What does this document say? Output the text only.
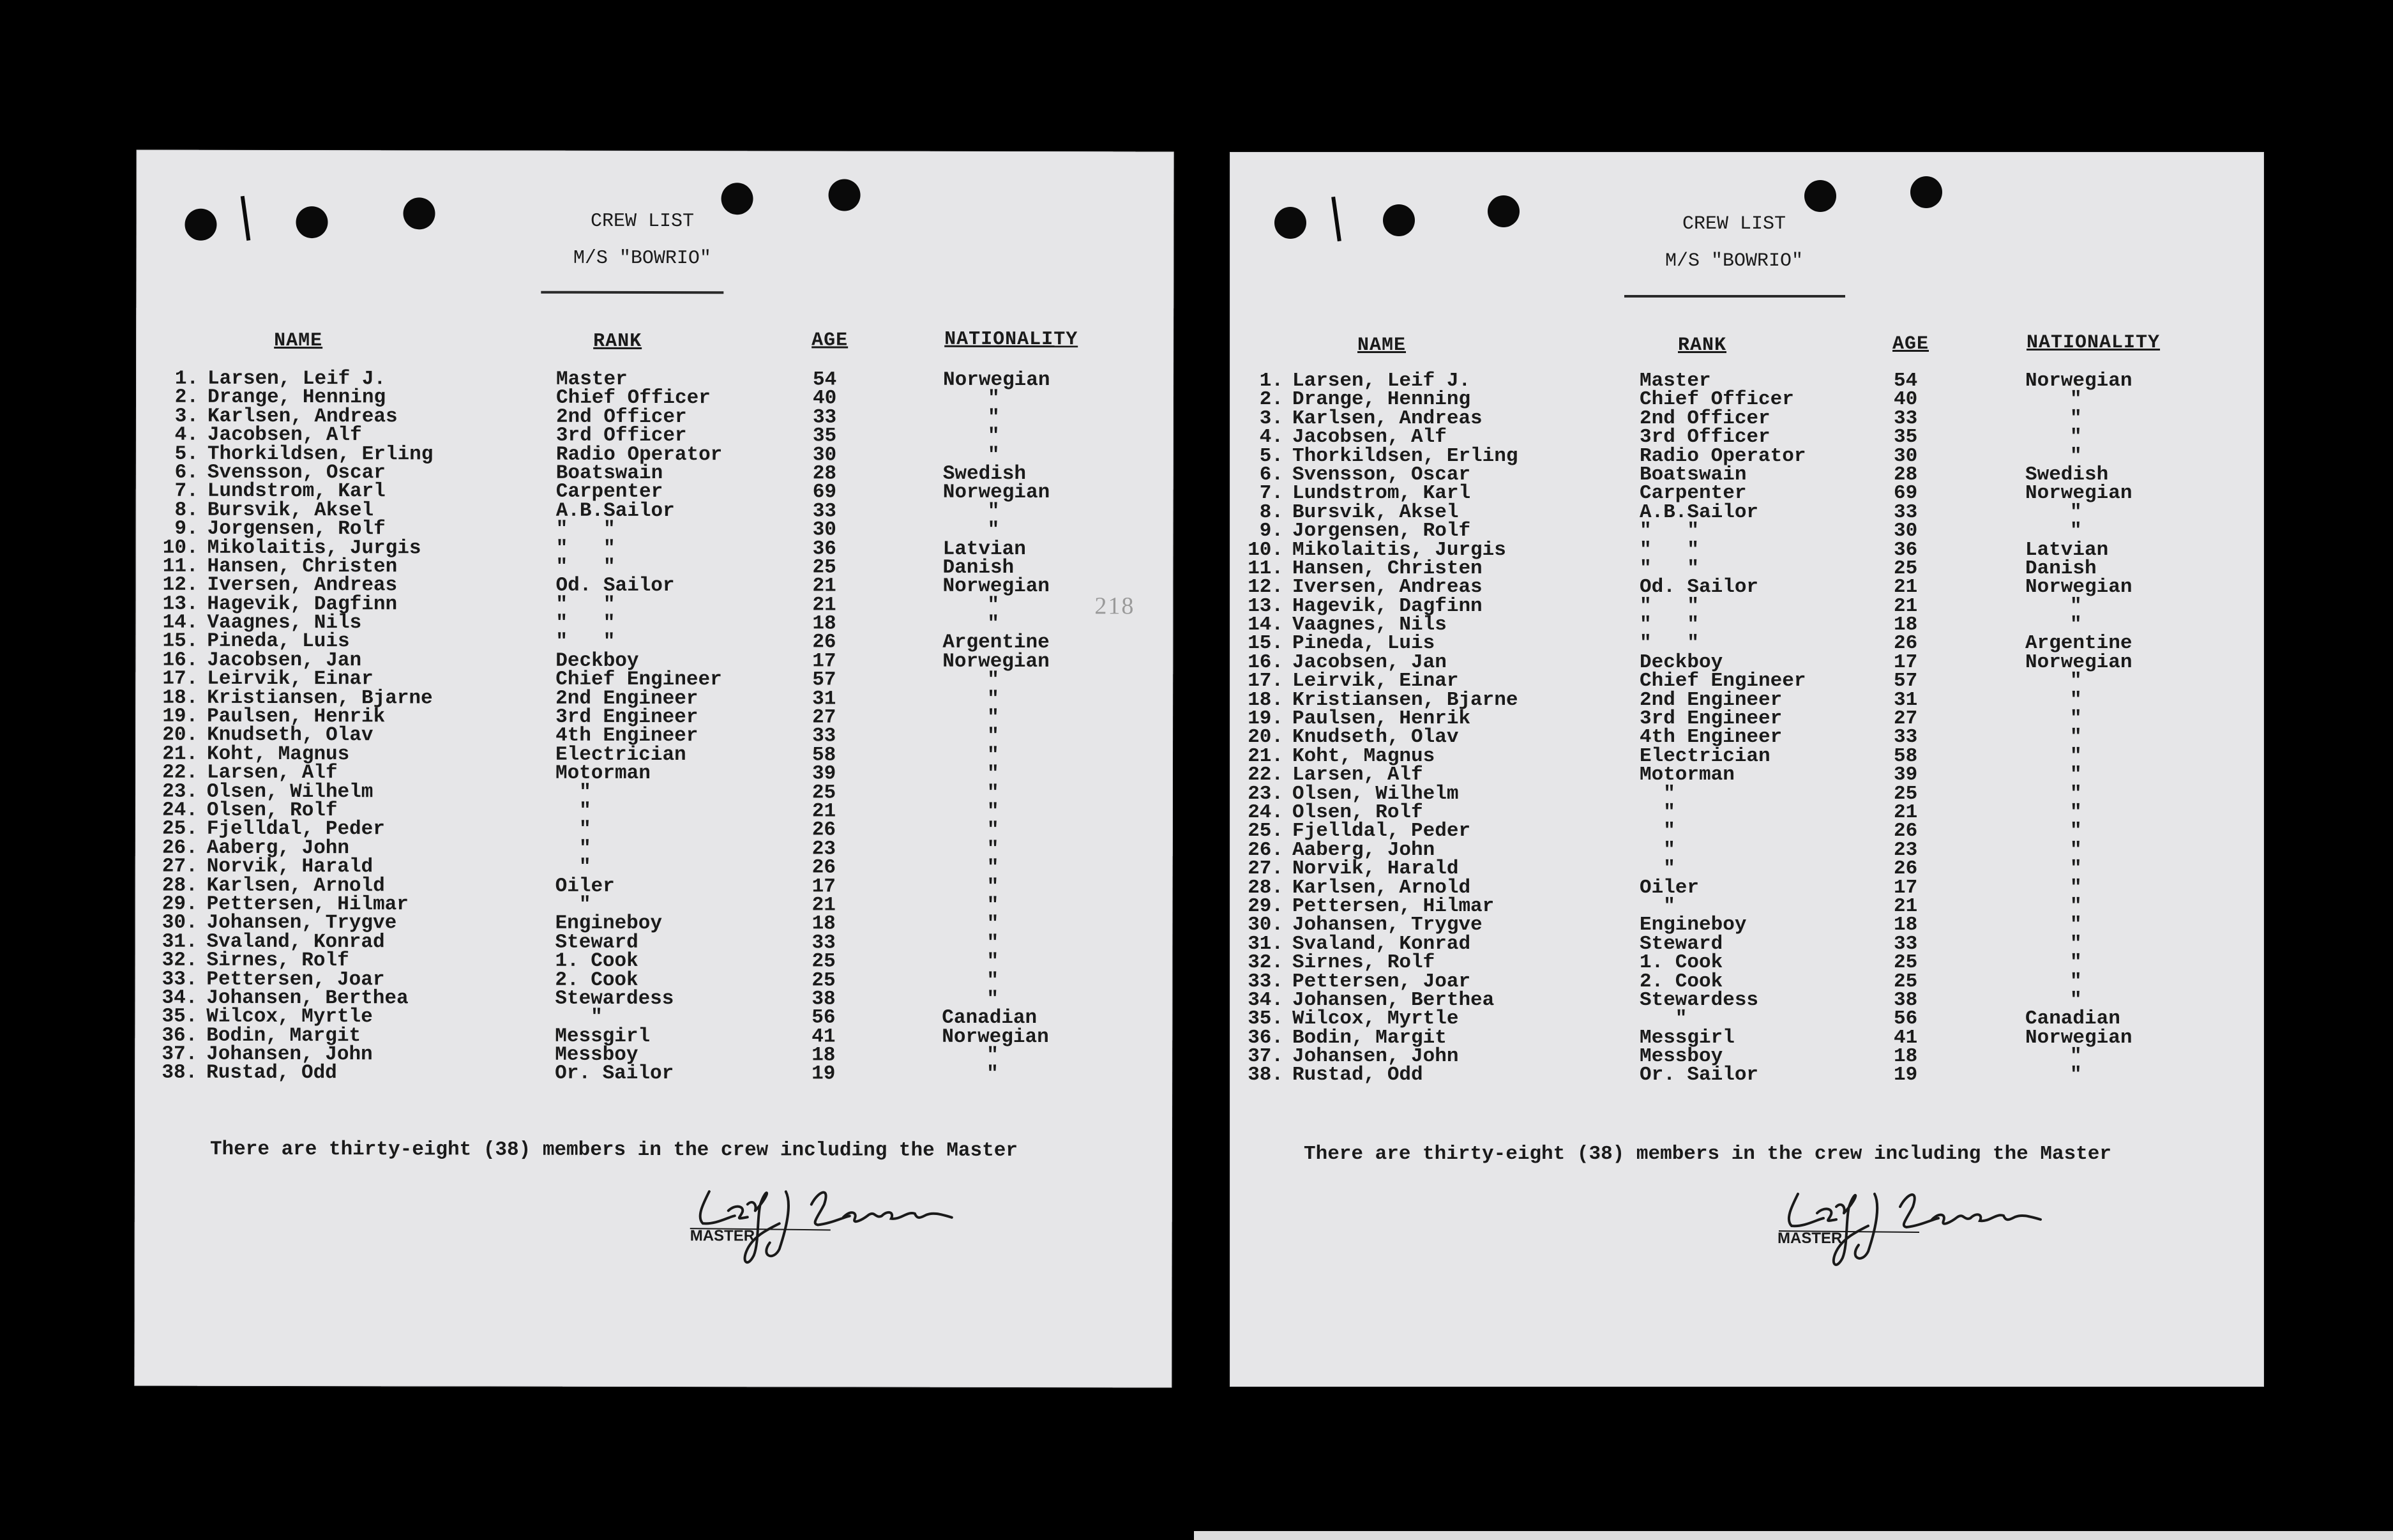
CREW LIST
M/S "BOWRIO"
NAME	RANK	AGE	NATIONALITY
1. Larsen, Leif J.	Master	54	Norwegian
2. Drange, Henning	Chief Officer	40	"
3. Karlsen, Andreas	2nd Officer	33	"
4. Jacobsen, Alf	3rd Officer	35	"
5. Thorkildsen, Erling	Radio Operator	30	"
6. Svensson, Oscar	Boatswain	28	Swedish
7. Lundstrom, Karl	Carpenter	69	Norwegian
8. Bursvik, Aksel	A.B.Sailor	33	"
9. Jorgensen, Rolf	"   "	30	"
10. Mikolaitis, Jurgis	"   "	36	Latvian
11. Hansen, Christen	"   "	25	Danish
12. Iversen, Andreas	Od. Sailor	21	Norwegian
13. Hagevik, Dagfinn	"   "	21	"
14. Vaagnes, Nils	"   "	18	"
15. Pineda, Luis	"   "	26	Argentine
16. Jacobsen, Jan	Deckboy	17	Norwegian
17. Leirvik, Einar	Chief Engineer	57	"
18. Kristiansen, Bjarne	2nd Engineer	31	"
19. Paulsen, Henrik	3rd Engineer	27	"
20. Knudseth, Olav	4th Engineer	33	"
21. Koht, Magnus	Electrician	58	"
22. Larsen, Alf	Motorman	39	"
23. Olsen, Wilhelm	"	25	"
24. Olsen, Rolf	"	21	"
25. Fjelldal, Peder	"	26	"
26. Aaberg, John	"	23	"
27. Norvik, Harald	"	26	"
28. Karlsen, Arnold	Oiler	17	"
29. Pettersen, Hilmar	"	21	"
30. Johansen, Trygve	Engineboy	18	"
31. Svaland, Konrad	Steward	33	"
32. Sirnes, Rolf	1. Cook	25	"
33. Pettersen, Joar	2. Cook	25	"
34. Johansen, Berthea	Stewardess	38	"
35. Wilcox, Myrtle	"	56	Canadian
36. Bodin, Margit	Messgirl	41	Norwegian
37. Johansen, John	Messboy	18	"
38. Rustad, Odd	Or. Sailor	19	"
218
There are thirty-eight (38) members in the crew including the Master
MASTER
CREW LIST
M/S "BOWRIO"
NAME	RANK	AGE	NATIONALITY
1. Larsen, Leif J.	Master	54	Norwegian
2. Drange, Henning	Chief Officer	40	"
3. Karlsen, Andreas	2nd Officer	33	"
4. Jacobsen, Alf	3rd Officer	35	"
5. Thorkildsen, Erling	Radio Operator	30	"
6. Svensson, Oscar	Boatswain	28	Swedish
7. Lundstrom, Karl	Carpenter	69	Norwegian
8. Bursvik, Aksel	A.B.Sailor	33	"
9. Jorgensen, Rolf	"   "	30	"
10. Mikolaitis, Jurgis	"   "	36	Latvian
11. Hansen, Christen	"   "	25	Danish
12. Iversen, Andreas	Od. Sailor	21	Norwegian
13. Hagevik, Dagfinn	"   "	21	"
14. Vaagnes, Nils	"   "	18	"
15. Pineda, Luis	"   "	26	Argentine
16. Jacobsen, Jan	Deckboy	17	Norwegian
17. Leirvik, Einar	Chief Engineer	57	"
18. Kristiansen, Bjarne	2nd Engineer	31	"
19. Paulsen, Henrik	3rd Engineer	27	"
20. Knudseth, Olav	4th Engineer	33	"
21. Koht, Magnus	Electrician	58	"
22. Larsen, Alf	Motorman	39	"
23. Olsen, Wilhelm	"	25	"
24. Olsen, Rolf	"	21	"
25. Fjelldal, Peder	"	26	"
26. Aaberg, John	"	23	"
27. Norvik, Harald	"	26	"
28. Karlsen, Arnold	Oiler	17	"
29. Pettersen, Hilmar	"	21	"
30. Johansen, Trygve	Engineboy	18	"
31. Svaland, Konrad	Steward	33	"
32. Sirnes, Rolf	1. Cook	25	"
33. Pettersen, Joar	2. Cook	25	"
34. Johansen, Berthea	Stewardess	38	"
35. Wilcox, Myrtle	"	56	Canadian
36. Bodin, Margit	Messgirl	41	Norwegian
37. Johansen, John	Messboy	18	"
38. Rustad, Odd	Or. Sailor	19	"
There are thirty-eight (38) members in the crew including the Master
MASTER
